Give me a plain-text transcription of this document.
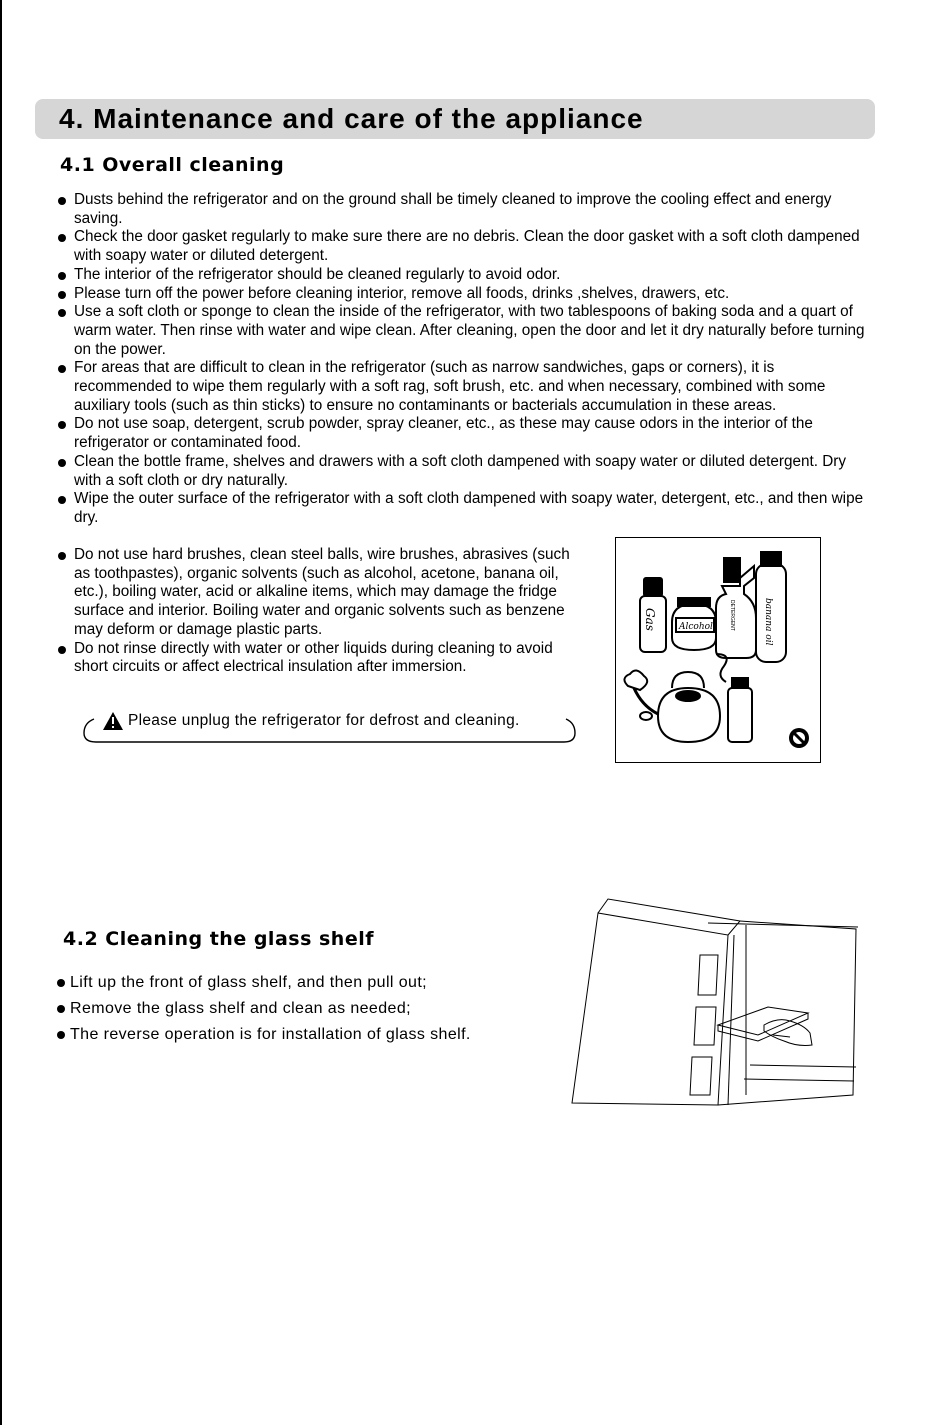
4. Maintenance and care of the appliance
4.1 Overall cleaning
Dusts behind the refrigerator and on the ground shall be timely cleaned to improve the cooling effect and energy saving.
Check the door gasket regularly to make sure there are no debris. Clean the door gasket with a soft cloth dampened with soapy water or diluted detergent.
The interior of the refrigerator should be cleaned regularly to avoid odor.
Please turn off the power before cleaning interior, remove all foods, drinks ,shelves, drawers, etc.
Use a soft cloth or sponge to clean the inside of the refrigerator, with two tablespoons of baking soda and a quart of warm water. Then rinse with water and wipe clean. After cleaning, open the door and let it dry naturally before turning on the power.
For areas that are difficult to clean in the refrigerator (such as narrow sandwiches, gaps or corners), it is recommended to wipe them regularly with a soft rag, soft brush, etc. and when necessary, combined with some auxiliary tools (such as thin sticks) to ensure no contaminants or bacterials accumulation in these areas.
Do not use soap, detergent, scrub powder, spray cleaner, etc., as these may cause odors in the interior of the refrigerator or contaminated food.
Clean the bottle frame, shelves and drawers with a soft cloth dampened with soapy water or diluted detergent. Dry with a soft cloth or dry naturally.
Wipe the outer surface of the refrigerator with a soft cloth dampened with soapy water, detergent, etc., and then wipe dry.
Do not use hard brushes, clean steel balls, wire brushes, abrasives (such as toothpastes), organic solvents (such as alcohol, acetone, banana oil, etc.), boiling water, acid or alkaline items, which may damage the fridge surface and interior. Boiling water and organic solvents such as benzene may deform or damage plastic parts.
Do not rinse directly with water or other liquids during cleaning to avoid short circuits or affect electrical insulation after immersion.
Please unplug the refrigerator for defrost and cleaning.
Gas Alcohol	DETERGENT	banana oil
4.2 Cleaning the glass shelf
Lift up the front of glass shelf, and then pull out;
Remove the glass shelf and clean as needed;
The reverse operation is for installation of glass shelf.
